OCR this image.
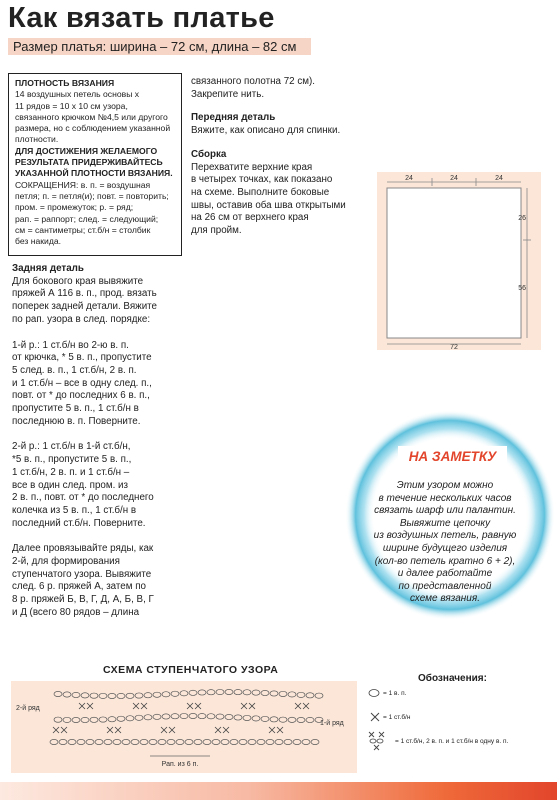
Как вязать платье
Размер платья: ширина – 72 см, длина – 82 см
ПЛОТНОСТЬ ВЯЗАНИЯ
14 воздушных петель основы х
11 рядов = 10 х 10 см узора,
связанного крючком №4,5 или другого
размера, но с соблюдением указанной
плотности.
ДЛЯ ДОСТИЖЕНИЯ ЖЕЛАЕМОГО
РЕЗУЛЬТАТА ПРИДЕРЖИВАЙТЕСЬ
УКАЗАННОЙ ПЛОТНОСТИ ВЯЗАНИЯ.
СОКРАЩЕНИЯ: в. п. = воздушная
петля; п. = петля(и); повт. = повторить;
пром. = промежуток; р. = ряд;
рап. = раппорт; след. = следующий;
см = сантиметры; ст.б/н = столбик
без накида.
Задняя деталь
Для бокового края вывяжите
пряжей А 116 в. п., прод. вязать
поперек задней детали. Вяжите
по рап. узора в след. порядке:
1-й р.: 1 ст.б/н во 2-ю в. п.
от крючка, * 5 в. п., пропустите
5 след. в. п., 1 ст.б/н, 2 в. п.
и 1 ст.б/н – все в одну след. п.,
повт. от * до последних 6 в. п.,
пропустите 5 в. п., 1 ст.б/н в
последнюю в. п. Поверните.
2-й р.: 1 ст.б/н в 1-й ст.б/н,
*5 в. п., пропустите 5 в. п.,
1 ст.б/н, 2 в. п. и 1 ст.б/н –
все в один след. пром. из
2 в. п., повт. от * до последнего
колечка из 5 в. п., 1 ст.б/н в
последний ст.б/н. Поверните.
Далее провязывайте ряды, как
2-й, для формирования
ступенчатого узора. Вывяжите
след. 6 р. пряжей А, затем по
8 р. пряжей Б, В, Г, Д, А, Б, В, Г
и Д (всего 80 рядов – длина
связанного полотна 72 см).
Закрепите нить.
Передняя деталь
Вяжите, как описано для спинки.
Сборка
Перехватите верхние края
в четырех точках, как показано
на схеме. Выполните боковые
швы, оставив оба шва открытыми
на 26 см от верхнего края
для пройм.
24	24	24
26
56
72
НА ЗАМЕТКУ
Этим узором можно
в течение нескольких часов
связать шарф или палантин.
Вывяжите цепочку
из воздушных петель, равную
ширине будущего изделия
(кол-во петель кратно 6 + 2),
и далее работайте
по представленной
схеме вязания.
СХЕМА СТУПЕНЧАТОГО УЗОРА
2-й ряд
1-й ряд
Рап. из 6 п.
Обозначения:
= 1 в. п.
= 1 ст.б/н
= 1 ст.б/н, 2 в. п. и 1 ст.б/н в одну в. п.
